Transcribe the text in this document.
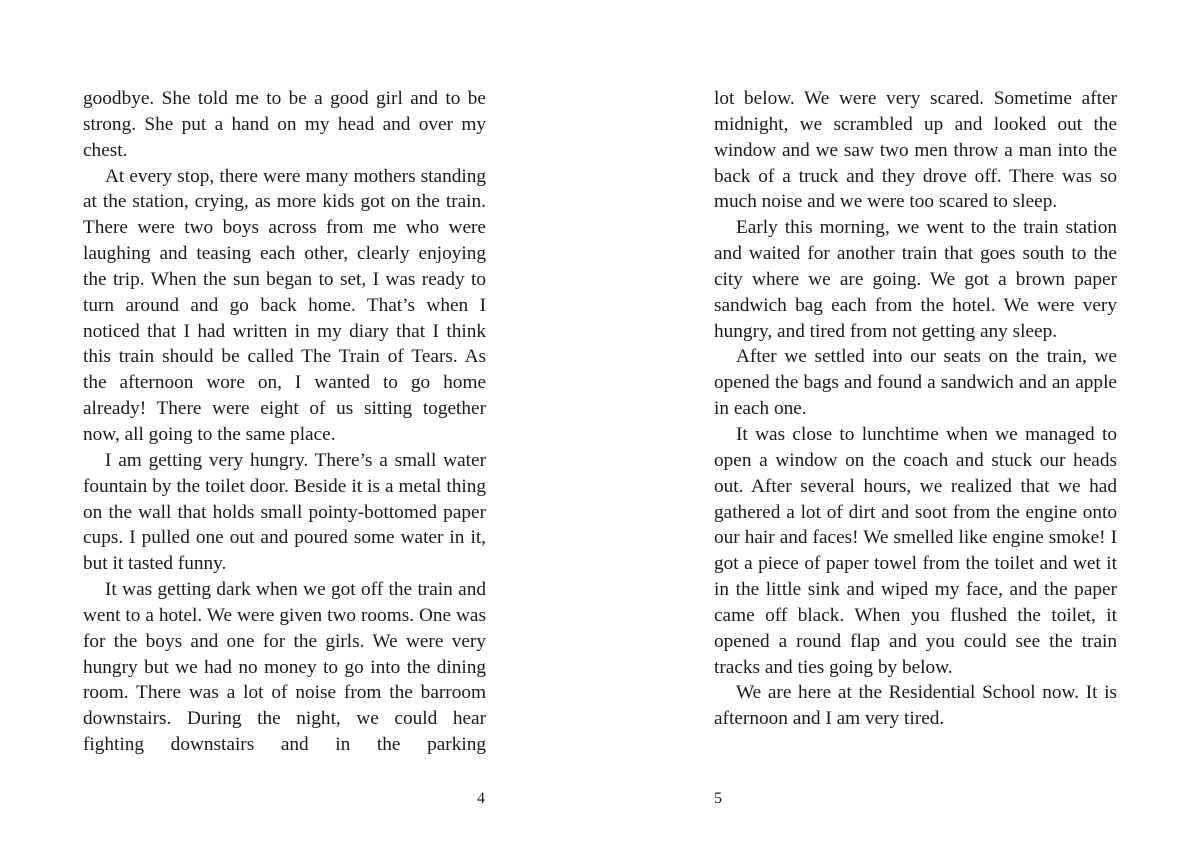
goodbye. She told me to be a good girl and to be strong. She put a hand on my head and over my chest.

At every stop, there were many mothers standing at the station, crying, as more kids got on the train. There were two boys across from me who were laughing and teasing each other, clearly enjoying the trip. When the sun began to set, I was ready to turn around and go back home. That’s when I noticed that I had written in my diary that I think this train should be called The Train of Tears. As the afternoon wore on, I wanted to go home already! There were eight of us sitting together now, all going to the same place.

I am getting very hungry. There’s a small water fountain by the toilet door. Beside it is a metal thing on the wall that holds small pointy-bottomed paper cups. I pulled one out and poured some water in it, but it tasted funny.

It was getting dark when we got off the train and went to a hotel. We were given two rooms. One was for the boys and one for the girls. We were very hungry but we had no money to go into the dining room. There was a lot of noise from the barroom downstairs. During the night, we could hear fighting downstairs and in the parking

4

lot below. We were very scared. Sometime after midnight, we scrambled up and looked out the window and we saw two men throw a man into the back of a truck and they drove off. There was so much noise and we were too scared to sleep.

Early this morning, we went to the train station and waited for another train that goes south to the city where we are going. We got a brown paper sandwich bag each from the hotel. We were very hungry, and tired from not getting any sleep.

After we settled into our seats on the train, we opened the bags and found a sandwich and an apple in each one.

It was close to lunchtime when we managed to open a window on the coach and stuck our heads out. After several hours, we realized that we had gathered a lot of dirt and soot from the engine onto our hair and faces! We smelled like engine smoke! I got a piece of paper towel from the toilet and wet it in the little sink and wiped my face, and the paper came off black. When you flushed the toilet, it opened a round flap and you could see the train tracks and ties going by below.

We are here at the Residential School now. It is afternoon and I am very tired.

5
